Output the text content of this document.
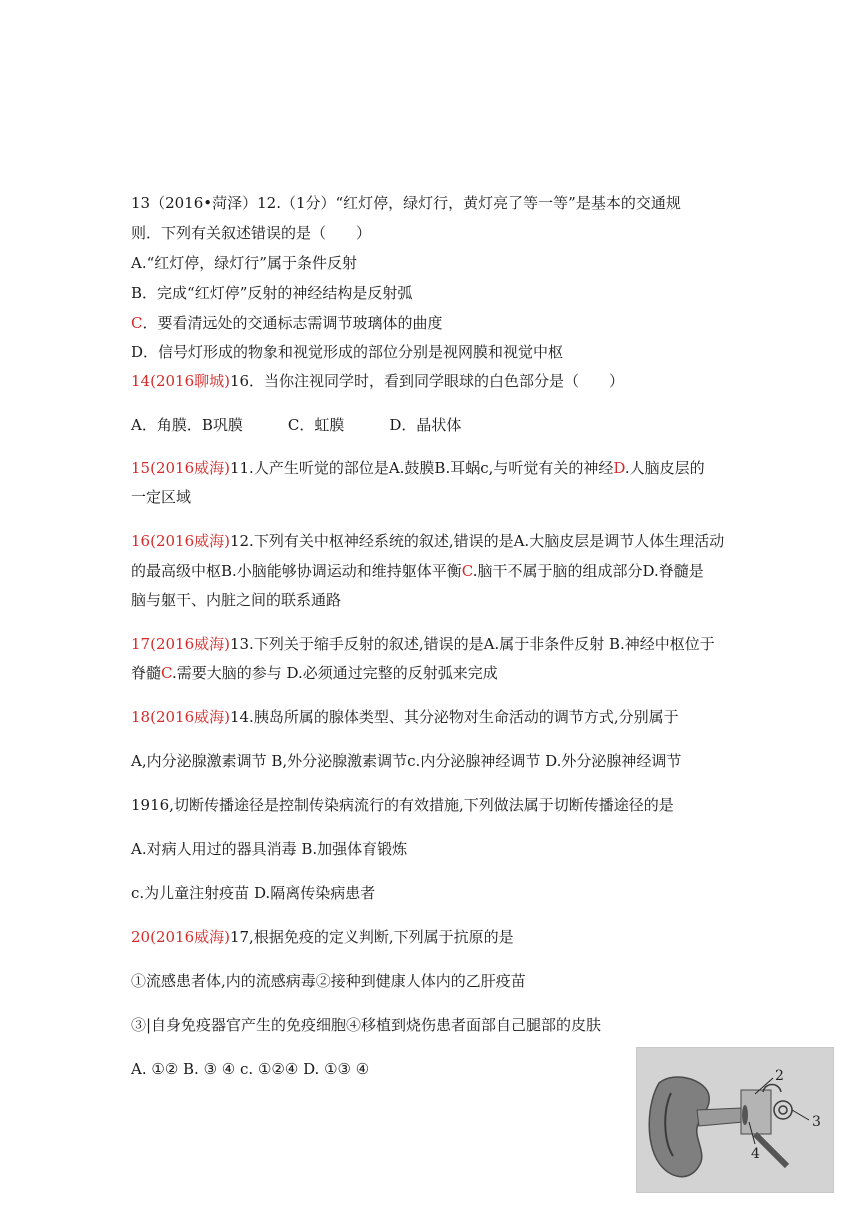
13（2016•菏泽）12.（1分）“红灯停，绿灯行，黄灯亮了等一等”是基本的交通规
则．下列有关叙述错误的是（　　）
A.“红灯停，绿灯行”属于条件反射
B．完成“红灯停”反射的神经结构是反射弧
C．要看清远处的交通标志需调节玻璃体的曲度
D．信号灯形成的物象和视觉形成的部位分别是视网膜和视觉中枢
14(2016聊城)16．当你注视同学时，看到同学眼球的白色部分是（　　）
A．角膜．B巩膜　　　C．虹膜　　　D．晶状体
15(2016威海)11.人产生听觉的部位是A.鼓膜B.耳蜗c,与听觉有关的神经D.人脑皮层的
一定区域
16(2016威海)12.下列有关中枢神经系统的叙述,错误的是A.大脑皮层是调节人体生理活动
的最高级中枢B.小脑能够协调运动和维持躯体平衡C.脑干不属于脑的组成部分D.脊髓是
脑与躯干、内脏之间的联系通路
17(2016威海)13.下列关于缩手反射的叙述,错误的是A.属于非条件反射 B.神经中枢位于
脊髓C.需要大脑的参与 D.必须通过完整的反射弧来完成
18(2016威海)14.胰岛所属的腺体类型、其分泌物对生命活动的调节方式,分别属于
A,内分泌腺激素调节 B,外分泌腺激素调节c.内分泌腺神经调节 D.外分泌腺神经调节
1916,切断传播途径是控制传染病流行的有效措施,下列做法属于切断传播途径的是
A.对病人用过的器具消毒 B.加强体育锻炼
c.为儿童注射疫苗 D.隔离传染病患者
20(2016威海)17,根据免疫的定义判断,下列属于抗原的是
①流感患者体,内的流感病毒②接种到健康人体内的乙肝疫苗
③|自身免疫器官产生的免疫细胞④移植到烧伤患者面部自己腿部的皮肤
A. ①② B. ③ ④ c. ①②④ D. ①③ ④	2
3
4
